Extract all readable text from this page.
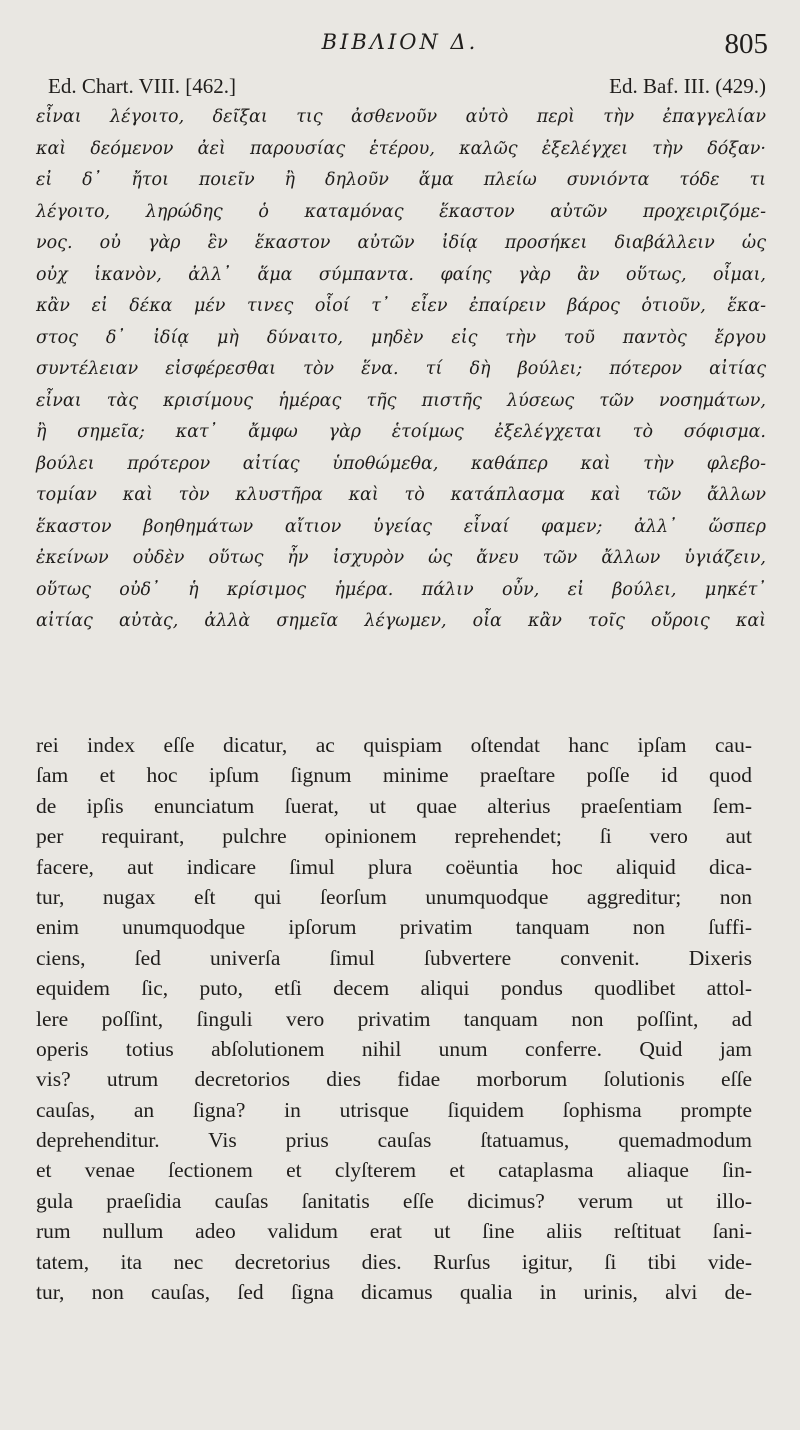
ΒΙΒΛΙΟΝ Δ.	805
Ed. Chart. VIII. [462.]	Ed. Baf. III. (429.)
εἶναι λέγοιτο, δεῖξαι τις ἀσθενοῦν αὐτὸ περὶ τὴν ἐπαγγελίαν
καὶ δεόμενον ἀεὶ παρουσίας ἑτέρου, καλῶς ἐξελέγχει τὴν δόξαν·
εἰ δ᾽ ἤτοι ποιεῖν ἢ δηλοῦν ἅμα πλείω συνιόντα τόδε τι
λέγοιτο, ληρώδης ὁ καταμόνας ἕκαστον αὐτῶν προχειριζόμε-
νος. οὐ γὰρ ἓν ἕκαστον αὐτῶν ἰδίᾳ προσήκει διαβάλλειν ὡς
οὐχ ἱκανὸν, ἀλλ᾽ ἅμα σύμπαντα. φαίης γὰρ ἂν οὕτως, οἶμαι,
κἂν εἰ δέκα μέν τινες οἷοί τ᾽ εἶεν ἐπαίρειν βάρος ὁτιοῦν, ἕκα-
στος δ᾽ ἰδίᾳ μὴ δύναιτο, μηδὲν εἰς τὴν τοῦ παντὸς ἔργου
συντέλειαν εἰσφέρεσθαι τὸν ἕνα. τί δὴ βούλει; πότερον αἰτίας
εἶναι τὰς κρισίμους ἡμέρας τῆς πιστῆς λύσεως τῶν νοσημάτων,
ἢ σημεῖα; κατ᾽ ἄμφω γὰρ ἑτοίμως ἐξελέγχεται τὸ σόφισμα.
βούλει πρότερον αἰτίας ὑποθώμεθα, καθάπερ καὶ τὴν φλεβο-
τομίαν καὶ τὸν κλυστῆρα καὶ τὸ κατάπλασμα καὶ τῶν ἄλλων
ἕκαστον βοηθημάτων αἴτιον ὑγείας εἶναί φαμεν; ἀλλ᾽ ὥσπερ
ἐκείνων οὐδὲν οὕτως ἦν ἰσχυρὸν ὡς ἄνευ τῶν ἄλλων ὑγιάζειν,
οὕτως οὐδ᾽ ἡ κρίσιμος ἡμέρα. πάλιν οὖν, εἰ βούλει, μηκέτ᾽
αἰτίας αὐτὰς, ἀλλὰ σημεῖα λέγωμεν, οἷα κἂν τοῖς οὔροις καὶ
rei index eſſe dicatur, ac quispiam oſtendat hanc ipſam cau-
ſam et hoc ipſum ſignum minime praeſtare poſſe id quod
de ipſis enunciatum ſuerat, ut quae alterius praeſentiam ſem-
per requirant, pulchre opinionem reprehendet; ſi vero aut
facere, aut indicare ſimul plura coëuntia hoc aliquid dica-
tur, nugax eſt qui ſeorſum unumquodque aggreditur; non
enim unumquodque ipſorum privatim tanquam non ſuffi-
ciens, ſed univerſa ſimul ſubvertere convenit. Dixeris
equidem ſic, puto, etſi decem aliqui pondus quodlibet attol-
lere poſſint, ſinguli vero privatim tanquam non poſſint, ad
operis totius abſolutionem nihil unum conferre. Quid jam
vis? utrum decretorios dies fidae morborum ſolutionis eſſe
cauſas, an ſigna? in utrisque ſiquidem ſophisma prompte
deprehenditur. Vis prius cauſas ſtatuamus, quemadmodum
et venae ſectionem et clyſterem et cataplasma aliaque ſin-
gula praeſidia cauſas ſanitatis eſſe dicimus? verum ut illo-
rum nullum adeo validum erat ut ſine aliis reſtituat ſani-
tatem, ita nec decretorius dies. Rurſus igitur, ſi tibi vide-
tur, non cauſas, ſed ſigna dicamus qualia in urinis, alvi de-
